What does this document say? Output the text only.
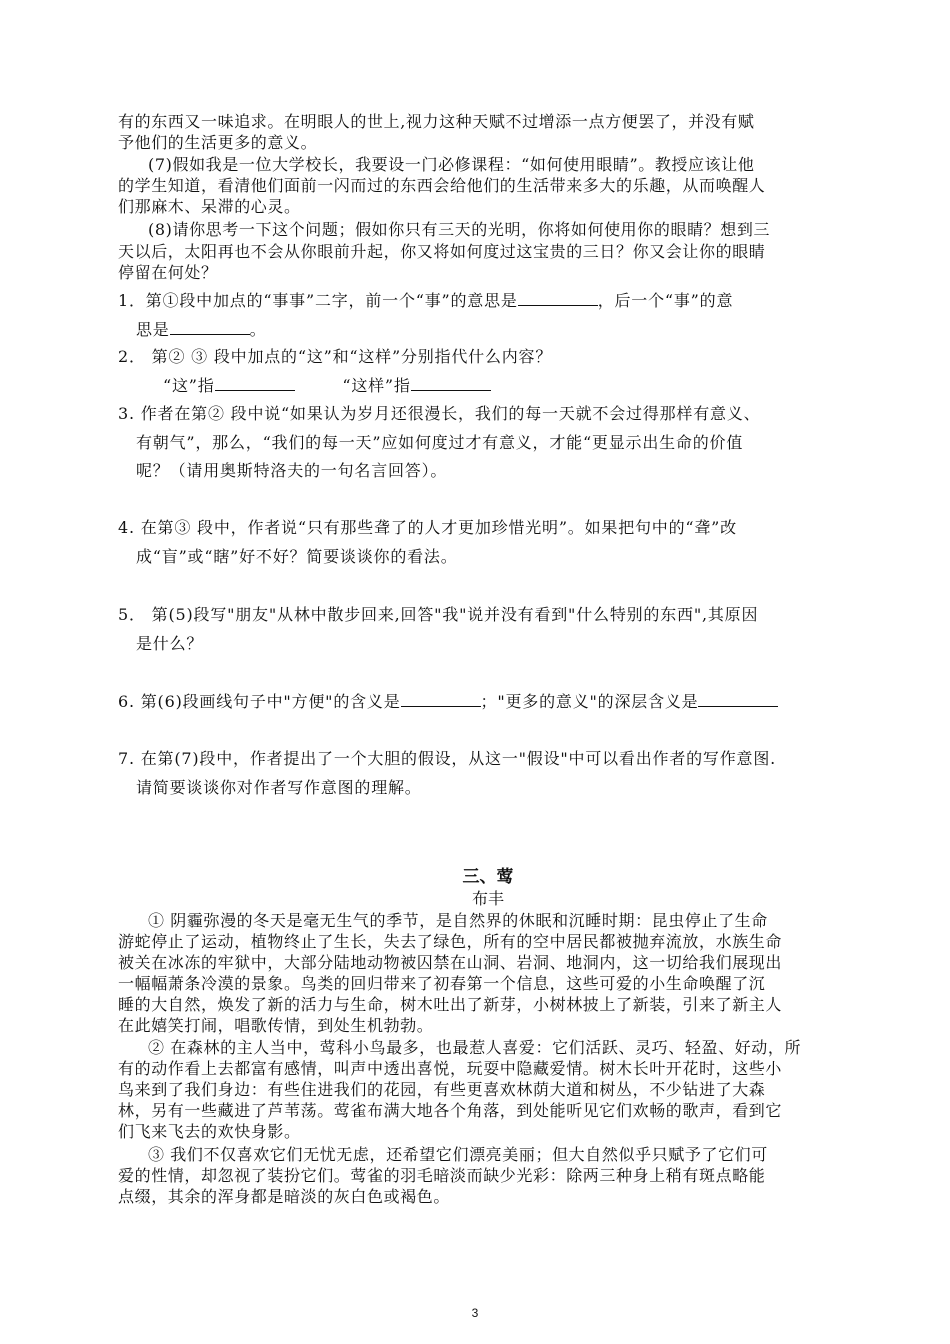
有的东西又一味追求。在明眼人的世上,视力这种天赋不过增添一点方便罢了，并没有赋
予他们的生活更多的意义。
(7)假如我是一位大学校长，我要设一门必修课程：“如何使用眼睛”。教授应该让他
的学生知道，看清他们面前一闪而过的东西会给他们的生活带来多大的乐趣，从而唤醒人
们那麻木、呆滞的心灵。
(8)请你思考一下这个问题；假如你只有三天的光明，你将如何使用你的眼睛？想到三
天以后，太阳再也不会从你眼前升起，你又将如何度过这宝贵的三日？你又会让你的眼睛
停留在何处？
1．第①段中加点的“事事”二字，前一个“事”的意思是	，后一个“事”的意
思是	。
2． 第② ③ 段中加点的“这”和“这样”分别指代什么内容？
“这”指	“这样”指
3. 作者在第② 段中说“如果认为岁月还很漫长，我们的每一天就不会过得那样有意义、
有朝气”，那么，“我们的每一天”应如何度过才有意义，才能“更显示出生命的价值
呢？（请用奥斯特洛夫的一句名言回答）。
4. 在第③ 段中，作者说“只有那些聋了的人才更加珍惜光明”。如果把句中的“聋”改
成“盲”或“瞎”好不好？简要谈谈你的看法。
5． 第(5)段写"朋友"从林中散步回来,回答"我"说并没有看到"什么特别的东西",其原因
是什么？
6. 第(6)段画线句子中"方便"的含义是	；"更多的意义"的深层含义是
7. 在第(7)段中，作者提出了一个大胆的假设，从这一"假设"中可以看出作者的写作意图.
请简要谈谈你对作者写作意图的理解。
三、莺
布丰
① 阴霾弥漫的冬天是毫无生气的季节，是自然界的休眠和沉睡时期：昆虫停止了生命
游蛇停止了运动，植物终止了生长，失去了绿色，所有的空中居民都被抛弃流放，水族生命
被关在冰冻的牢狱中，大部分陆地动物被囚禁在山洞、岩洞、地洞内，这一切给我们展现出
一幅幅萧条冷漠的景象。鸟类的回归带来了初春第一个信息，这些可爱的小生命唤醒了沉
睡的大自然，焕发了新的活力与生命，树木吐出了新芽，小树林披上了新装，引来了新主人
在此嬉笑打闹，唱歌传情，到处生机勃勃。
② 在森林的主人当中，莺科小鸟最多，也最惹人喜爱：它们活跃、灵巧、轻盈、好动，所
有的动作看上去都富有感情，叫声中透出喜悦，玩耍中隐藏爱情。树木长叶开花时，这些小
鸟来到了我们身边：有些住进我们的花园，有些更喜欢林荫大道和树丛，不少钻进了大森
林，另有一些藏进了芦苇荡。莺雀布满大地各个角落，到处能听见它们欢畅的歌声，看到它
们飞来飞去的欢快身影。
③ 我们不仅喜欢它们无忧无虑，还希望它们漂亮美丽；但大自然似乎只赋予了它们可
爱的性情，却忽视了装扮它们。莺雀的羽毛暗淡而缺少光彩：除两三种身上稍有斑点略能
点缀，其余的浑身都是暗淡的灰白色或褐色。
3
